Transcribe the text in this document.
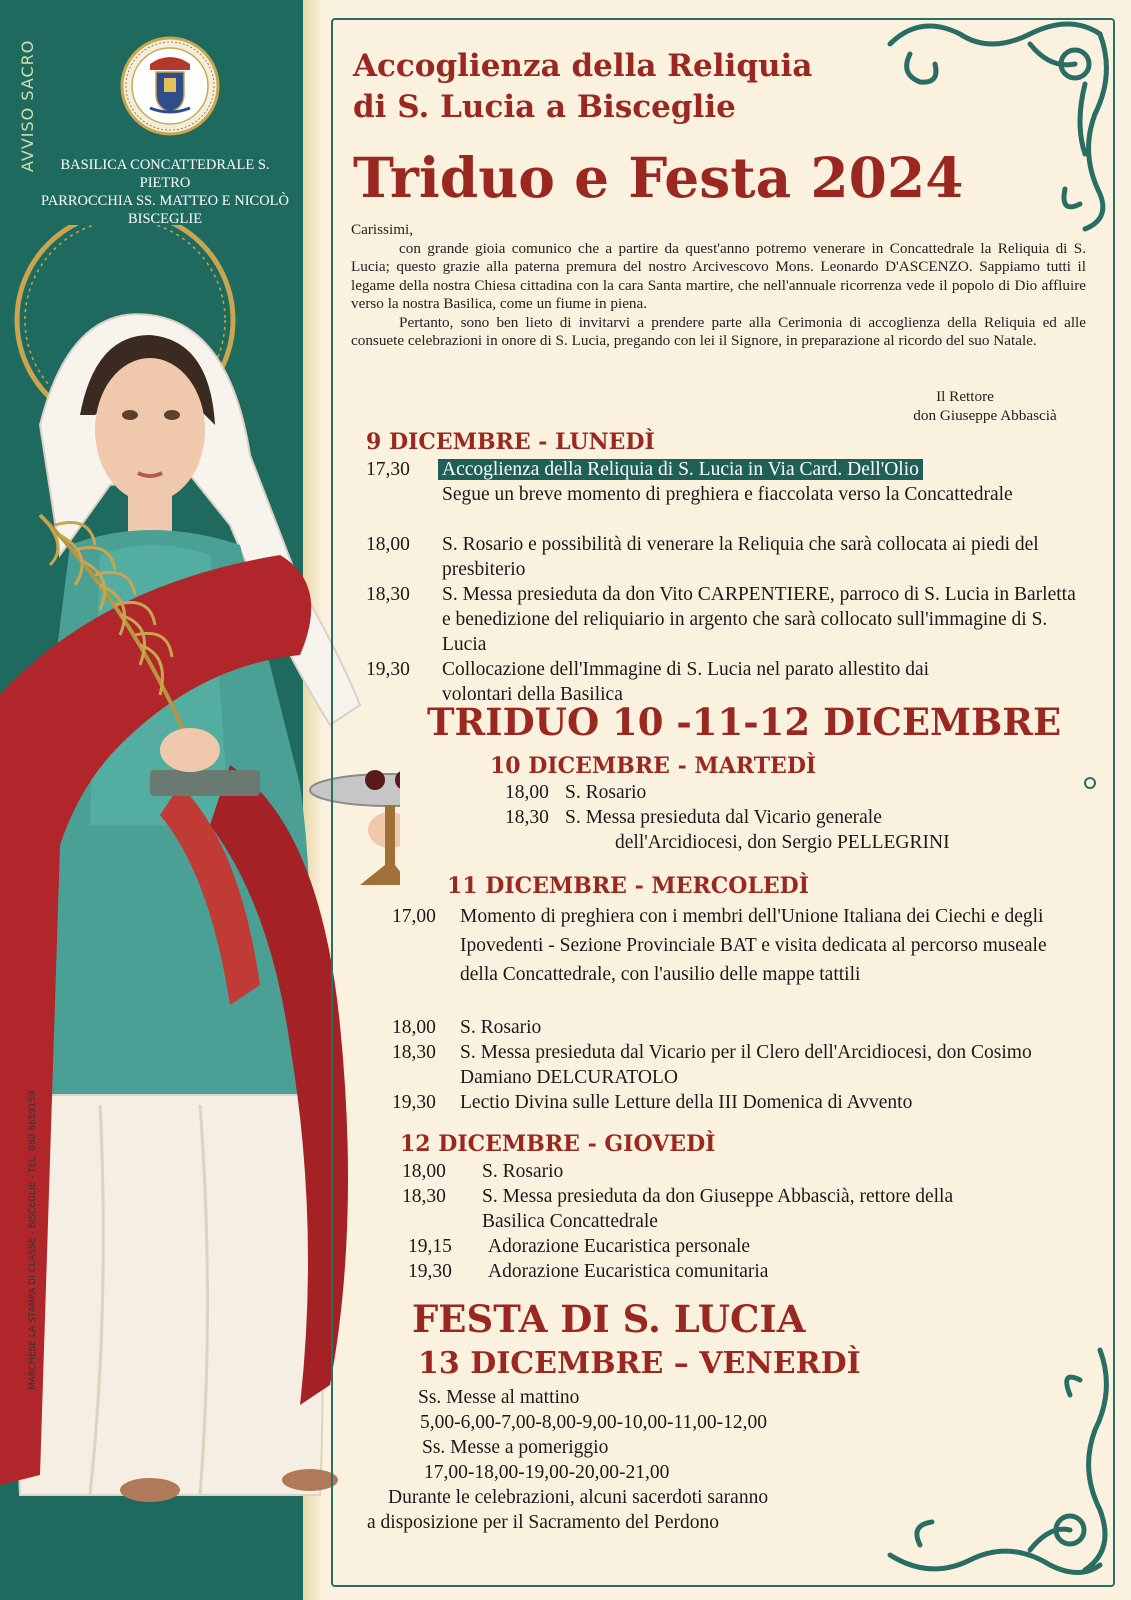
AVVISO SACRO	BASILICA CONCATTEDRALE S. PIETRO
PARROCCHIA SS. MATTEO E NICOLÒ
BISCEGLIE
MARCHESE LA STAMPA DI CLASSE - BISCEGLIE - TEL. 080 8659159
Accoglienza della Reliquia
di S. Lucia a Bisceglie
Triduo e Festa 2024

Carissimi,

con grande gioia comunico che a partire da quest'anno potremo venerare in Concattedrale la Reliquia di S. Lucia; questo grazie alla paterna premura del nostro Arcivescovo Mons. Leonardo D'ASCENZO. Sappiamo tutti il legame della nostra Chiesa cittadina con la cara Santa martire, che nell'annuale ricorrenza vede il popolo di Dio affluire verso la nostra Basilica, come un fiume in piena.

Pertanto, sono ben lieto di invitarvi a prendere parte alla Cerimonia di accoglienza della Reliquia ed alle consuete celebrazioni in onore di S. Lucia, pregando con lei il Signore, in preparazione al ricordo del suo Natale.

Il Rettore
don Giuseppe Abbascià
9 DICEMBRE - LUNEDÌ
17,30	Accoglienza della Reliquia di S. Lucia in Via Card. Dell'Olio
Segue un breve momento di preghiera e fiaccolata verso la Concattedrale
18,00	S. Rosario e possibilità di venerare la Reliquia che sarà collocata ai piedi del presbiterio
18,30	S. Messa presieduta da don Vito CARPENTIERE, parroco di S. Lucia in Barletta e benedizione del reliquiario in argento che sarà collocato sull'immagine di S. Lucia
19,30	Collocazione dell'Immagine di S. Lucia nel parato allestito dai volontari della Basilica
TRIDUO 10 -11-12 DICEMBRE
10 DICEMBRE - MARTEDÌ
18,00 S. Rosario
18,30 S. Messa presieduta dal Vicario generale
dell'Arcidiocesi, don Sergio PELLEGRINI
11 DICEMBRE - MERCOLEDÌ
17,00	Momento di preghiera con i membri dell'Unione Italiana dei Ciechi e degli Ipovedenti - Sezione Provinciale BAT e visita dedicata al percorso museale della Concattedrale, con l'ausilio delle mappe tattili
18,00	S. Rosario
18,30	S. Messa presieduta dal Vicario per il Clero dell'Arcidiocesi, don Cosimo Damiano DELCURATOLO
19,30	Lectio Divina sulle Letture della III Domenica di Avvento
12 DICEMBRE - GIOVEDÌ
18,00	S. Rosario
18,30	S. Messa presieduta da don Giuseppe Abbascià, rettore della Basilica Concattedrale
19,15	Adorazione Eucaristica personale
19,30	Adorazione Eucaristica comunitaria
FESTA DI S. LUCIA
13 DICEMBRE – VENERDÌ
Ss. Messe al mattino
5,00-6,00-7,00-8,00-9,00-10,00-11,00-12,00
Ss. Messe a pomeriggio
17,00-18,00-19,00-20,00-21,00
Durante le celebrazioni, alcuni sacerdoti saranno
a disposizione per il Sacramento del Perdono
